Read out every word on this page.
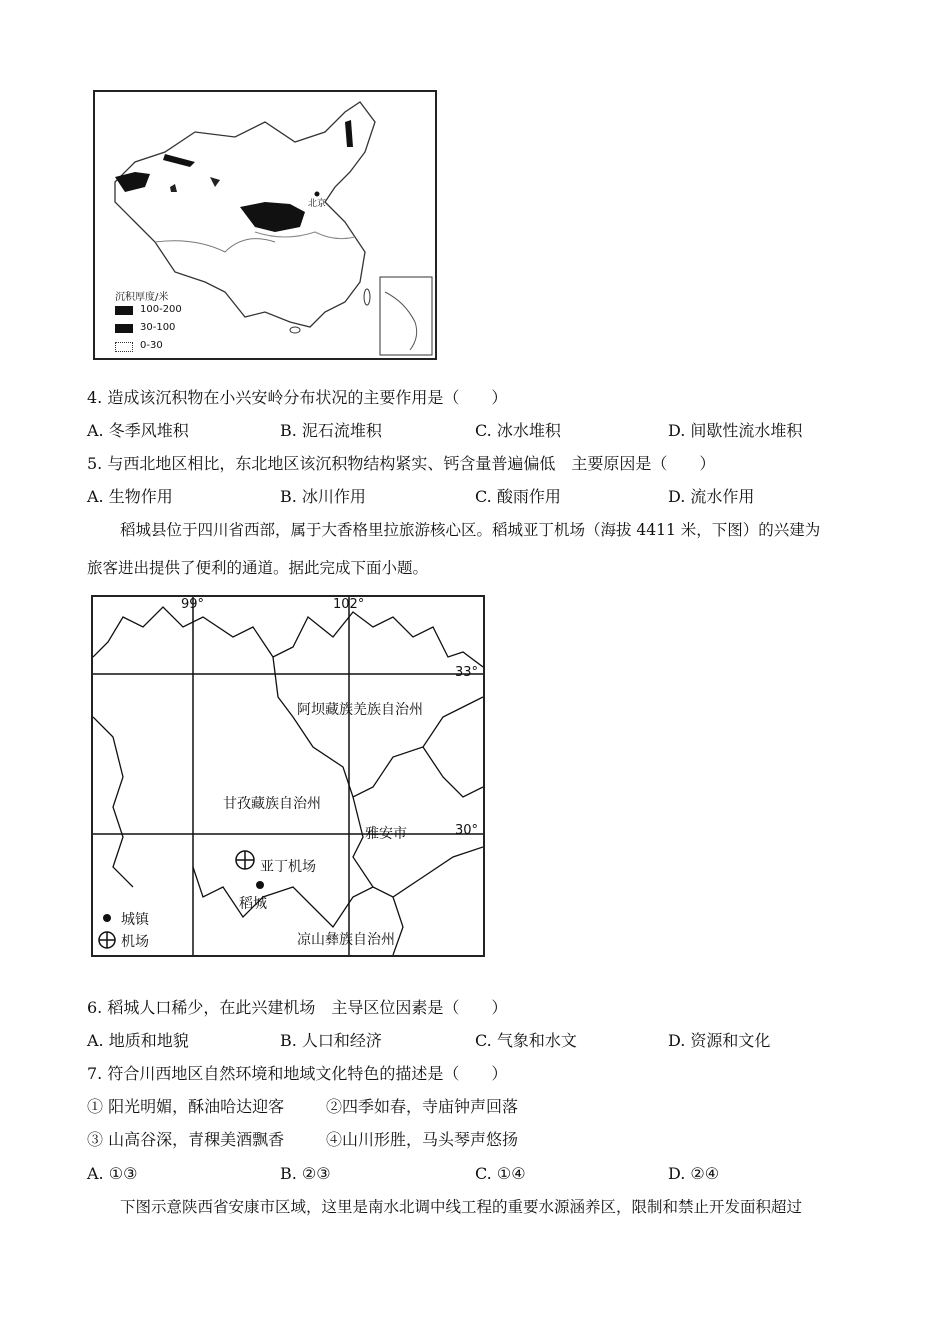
北京
沉积厚度/米
100-200
30-100
0-30
4. 造成该沉积物在小兴安岭分布状况的主要作用是（　　）
A. 冬季风堆积	B. 泥石流堆积	C. 冰水堆积	D. 间歇性流水堆积
5. 与西北地区相比，东北地区该沉积物结构紧实、钙含量普遍偏低　主要原因是（　　）
A. 生物作用	B. 冰川作用	C. 酸雨作用	D. 流水作用
稻城县位于四川省西部，属于大香格里拉旅游核心区。稻城亚丁机场（海拔 4411 米，下图）的兴建为
旅客进出提供了便利的通道。据此完成下面小题。
99°	102°
33°
30°
阿坝藏族羌族自治州
甘孜藏族自治州
雅安市
凉山彝族自治州
亚丁机场
稻城
城镇
机场
6. 稻城人口稀少，在此兴建机场　主导区位因素是（　　）
A. 地质和地貌	B. 人口和经济	C. 气象和水文	D. 资源和文化
7. 符合川西地区自然环境和地域文化特色的描述是（　　）
① 阳光明媚，酥油哈达迎客	②四季如春，寺庙钟声回落
③ 山高谷深，青稞美酒飘香	④山川形胜，马头琴声悠扬
A. ①③	B. ②③	C. ①④	D. ②④
下图示意陕西省安康市区域，这里是南水北调中线工程的重要水源涵养区，限制和禁止开发面积超过
